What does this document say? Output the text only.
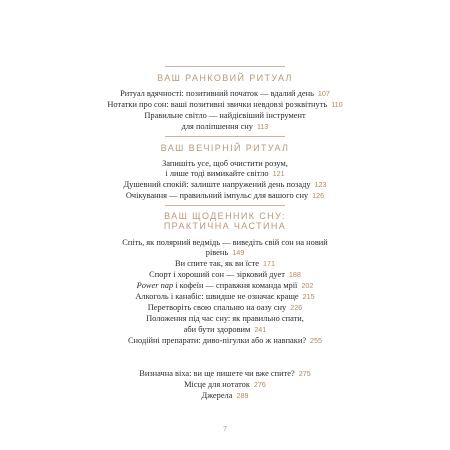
ВАШ РАНКОВИЙ РИТУАЛ
Ритуал вдячності: позитивний початок — вдалий день 107
Нотатки про сон: ваші позитивні звички невдовзі розквітнуть 110
Правильне світло — найдієвіший інструмент
для поліпшення сну 113
ВАШ ВЕЧІРНІЙ РИТУАЛ
Запишіть усе, щоб очистити розум,
і лише тоді вимикайте світло 121
Душевний спокій: залиште напружений день позаду 123
Очікування — правильний імпульс для вашого сну 126
ВАШ ЩОДЕННИК СНУ:
ПРАКТИЧНА ЧАСТИНА
Спіть, як полярний ведмідь — виведіть свій сон на новий
рівень 149
Ви спите так, як ви їсте 171
Спорт і хороший сон — зірковий дует 188
Power nap і кофеїн — справжня команда мрії 202
Алкоголь і канабіс: швидше не означає краще 215
Перетворіть свою спальню на оазу сну 226
Положення під час сну: як правильно спати,
аби бути здоровим 241
Снодійні препарати: диво-пігулки або ж навпаки? 255
Визначна віха: ви ще пишете чи вже спите? 275
Місце для нотаток 276
Джерела 289
7
